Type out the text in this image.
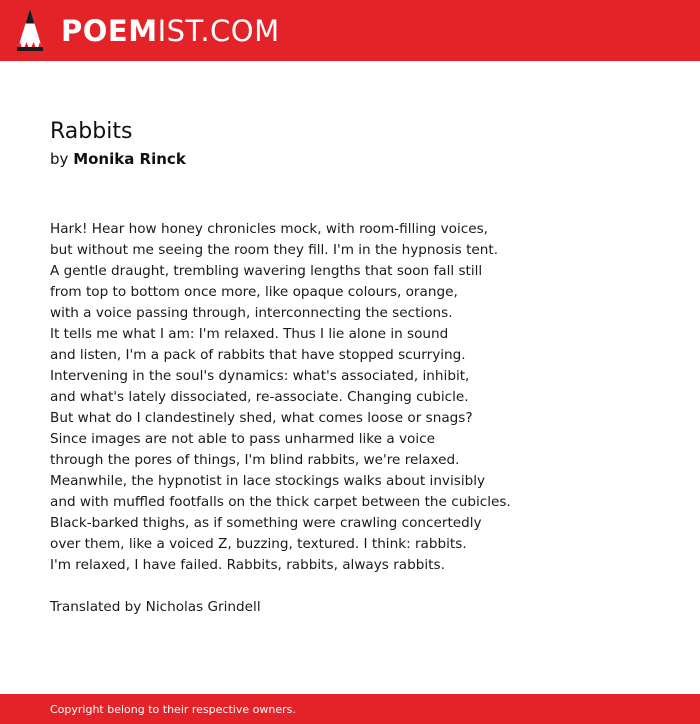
POEMIST.COM
Rabbits
by Monika Rinck
Hark! Hear how honey chronicles mock, with room-filling voices,
but without me seeing the room they fill. I'm in the hypnosis tent.
A gentle draught, trembling wavering lengths that soon fall still
from top to bottom once more, like opaque colours, orange,
with a voice passing through, interconnecting the sections.
It tells me what I am: I'm relaxed. Thus I lie alone in sound
and listen, I'm a pack of rabbits that have stopped scurrying.
Intervening in the soul's dynamics: what's associated, inhibit,
and what's lately dissociated, re-associate. Changing cubicle.
But what do I clandestinely shed, what comes loose or snags?
Since images are not able to pass unharmed like a voice
through the pores of things, I'm blind rabbits, we're relaxed.
Meanwhile, the hypnotist in lace stockings walks about invisibly
and with muffled footfalls on the thick carpet between the cubicles.
Black-barked thighs, as if something were crawling concertedly
over them, like a voiced Z, buzzing, textured. I think: rabbits.
I'm relaxed, I have failed. Rabbits, rabbits, always rabbits.

Translated by Nicholas Grindell

Copyright belong to their respective owners.
